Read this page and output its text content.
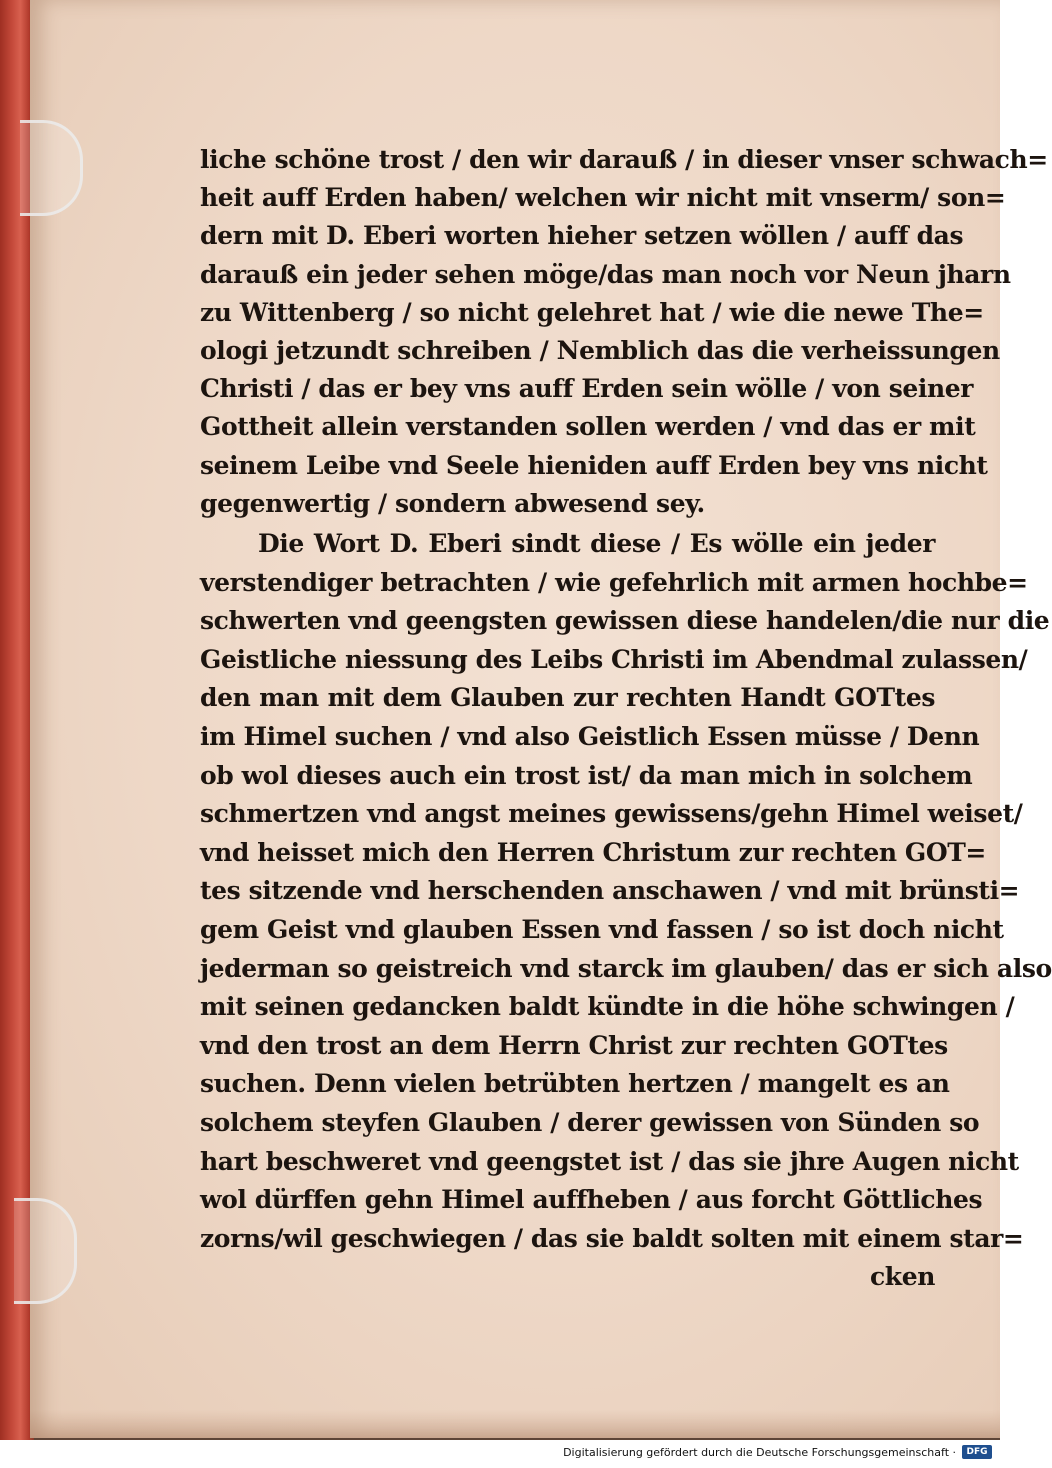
liche schöne trost / den wir darauß / in dieser vnser schwach=
heit auff Erden haben/ welchen wir nicht mit vnserm/ son=
dern mit D. Eberi worten hieher setzen wöllen / auff das
darauß ein jeder sehen möge/das man noch vor Neun jharn
zu Wittenberg / so nicht gelehret hat / wie die newe The=
ologi jetzundt schreiben / Nemblich das die verheissungen
Christi / das er bey vns auff Erden sein wölle / von seiner
Gottheit allein verstanden sollen werden / vnd das er mit
seinem Leibe vnd Seele hieniden auff Erden bey vns nicht
gegenwertig / sondern abwesend sey.
Die Wort D. Eberi sindt diese / Es wölle ein jeder
verstendiger betrachten / wie gefehrlich mit armen hochbe=
schwerten vnd geengsten gewissen diese handelen/die nur die
Geistliche niessung des Leibs Christi im Abendmal zulassen/
den man mit dem Glauben zur rechten Handt GOTtes
im Himel suchen / vnd also Geistlich Essen müsse / Denn
ob wol dieses auch ein trost ist/ da man mich in solchem
schmertzen vnd angst meines gewissens/gehn Himel weiset/
vnd heisset mich den Herren Christum zur rechten GOT=
tes sitzende vnd herschenden anschawen / vnd mit brünsti=
gem Geist vnd glauben Essen vnd fassen / so ist doch nicht
jederman so geistreich vnd starck im glauben/ das er sich also
mit seinen gedancken baldt kündte in die höhe schwingen /
vnd den trost an dem Herrn Christ zur rechten GOTtes
suchen. Denn vielen betrübten hertzen / mangelt es an
solchem steyfen Glauben / derer gewissen von Sünden so
hart beschweret vnd geengstet ist / das sie jhre Augen nicht
wol dürffen gehn Himel auffheben / aus forcht Göttliches
zorns/wil geschwiegen / das sie baldt solten mit einem star=
cken
Digitalisierung gefördert durch die Deutsche Forschungsgemeinschaft ·	DFG
